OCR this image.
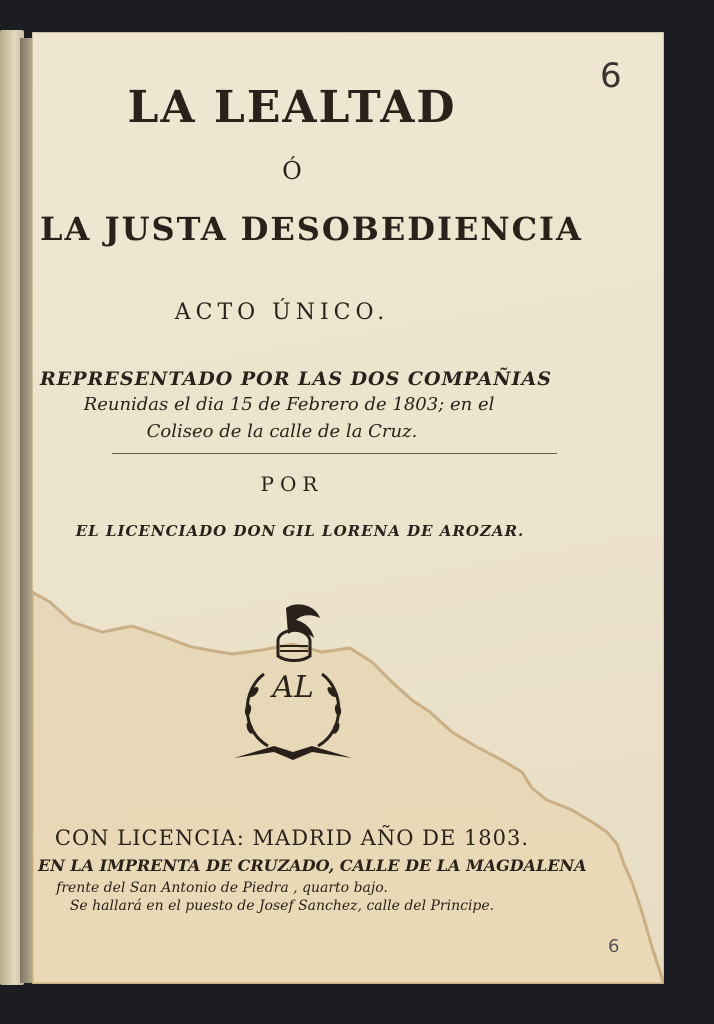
6
LA LEALTAD
Ó
LA JUSTA DESOBEDIENCIA
ACTO ÚNICO.
REPRESENTADO POR LAS DOS COMPAÑIAS
Reunidas el dia 15 de Febrero de 1803; en el
Coliseo de la calle de la Cruz.
POR
EL LICENCIADO DON GIL LORENA DE AROZAR.
AL
CON LICENCIA: MADRID AÑO DE 1803.
EN LA IMPRENTA DE CRUZADO, CALLE DE LA MAGDALENA
frente del San Antonio de Piedra , quarto bajo.
Se hallará en el puesto de Josef Sanchez, calle del Principe.
6
